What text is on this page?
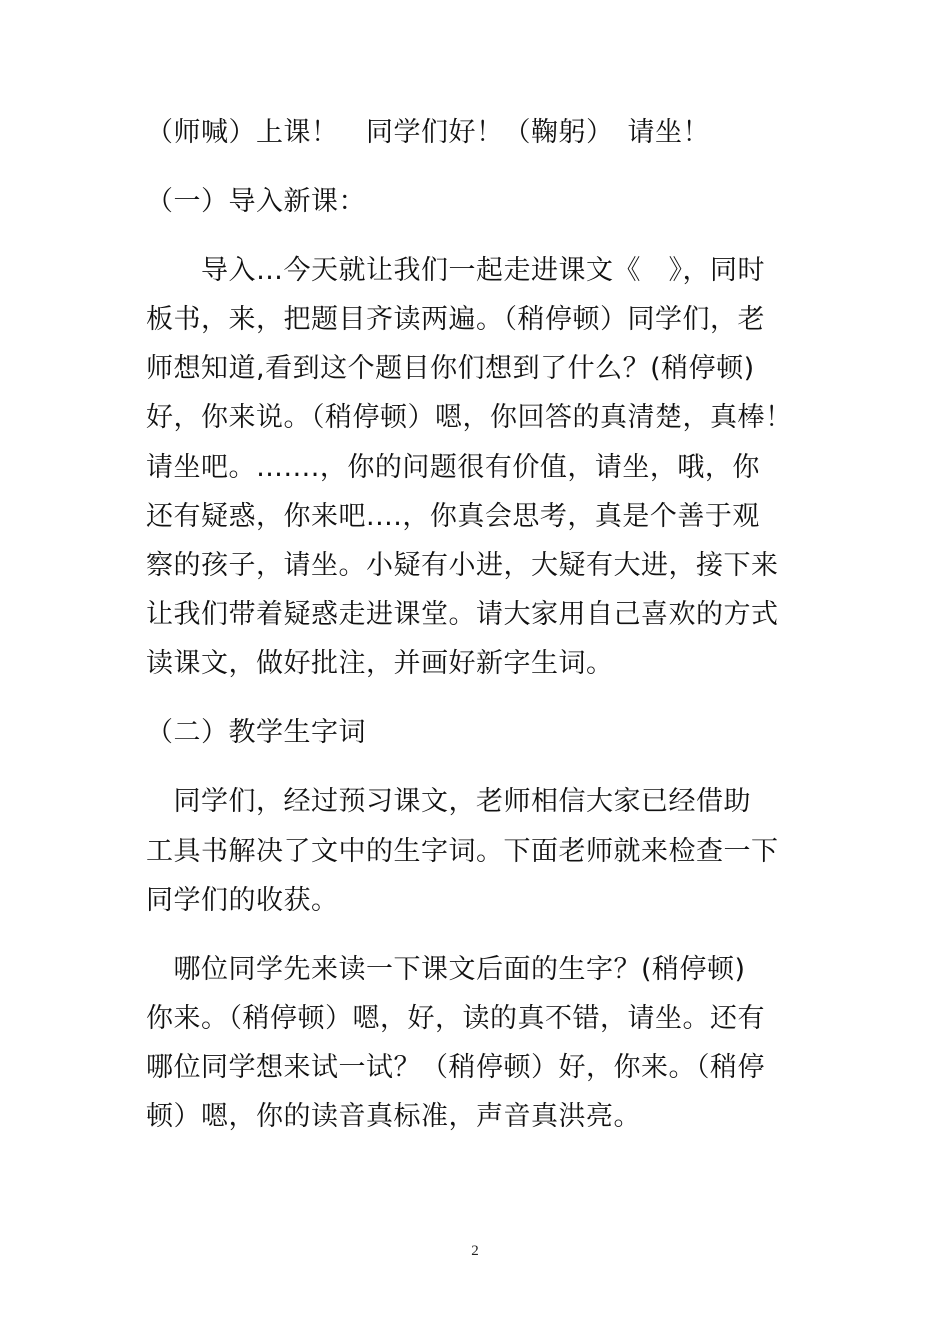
（师喊）上课！　同学们好！（鞠躬）　请坐！
（一）导入新课：
　　导入…今天就让我们一起走进课文《　》，同时
板书，来，把题目齐读两遍。（稍停顿）同学们，老
师想知道,看到这个题目你们想到了什么？(稍停顿)
好，你来说。（稍停顿）嗯，你回答的真清楚，真棒！
请坐吧。…....，你的问题很有价值，请坐，哦，你
还有疑惑，你来吧....，你真会思考，真是个善于观
察的孩子，请坐。小疑有小进，大疑有大进，接下来
让我们带着疑惑走进课堂。请大家用自己喜欢的方式
读课文，做好批注，并画好新字生词。
（二）教学生字词
　同学们，经过预习课文，老师相信大家已经借助
工具书解决了文中的生字词。下面老师就来检查一下
同学们的收获。
　哪位同学先来读一下课文后面的生字？(稍停顿)
你来。（稍停顿）嗯，好，读的真不错，请坐。还有
哪位同学想来试一试？（稍停顿）好，你来。（稍停
顿）嗯，你的读音真标准，声音真洪亮。
2
